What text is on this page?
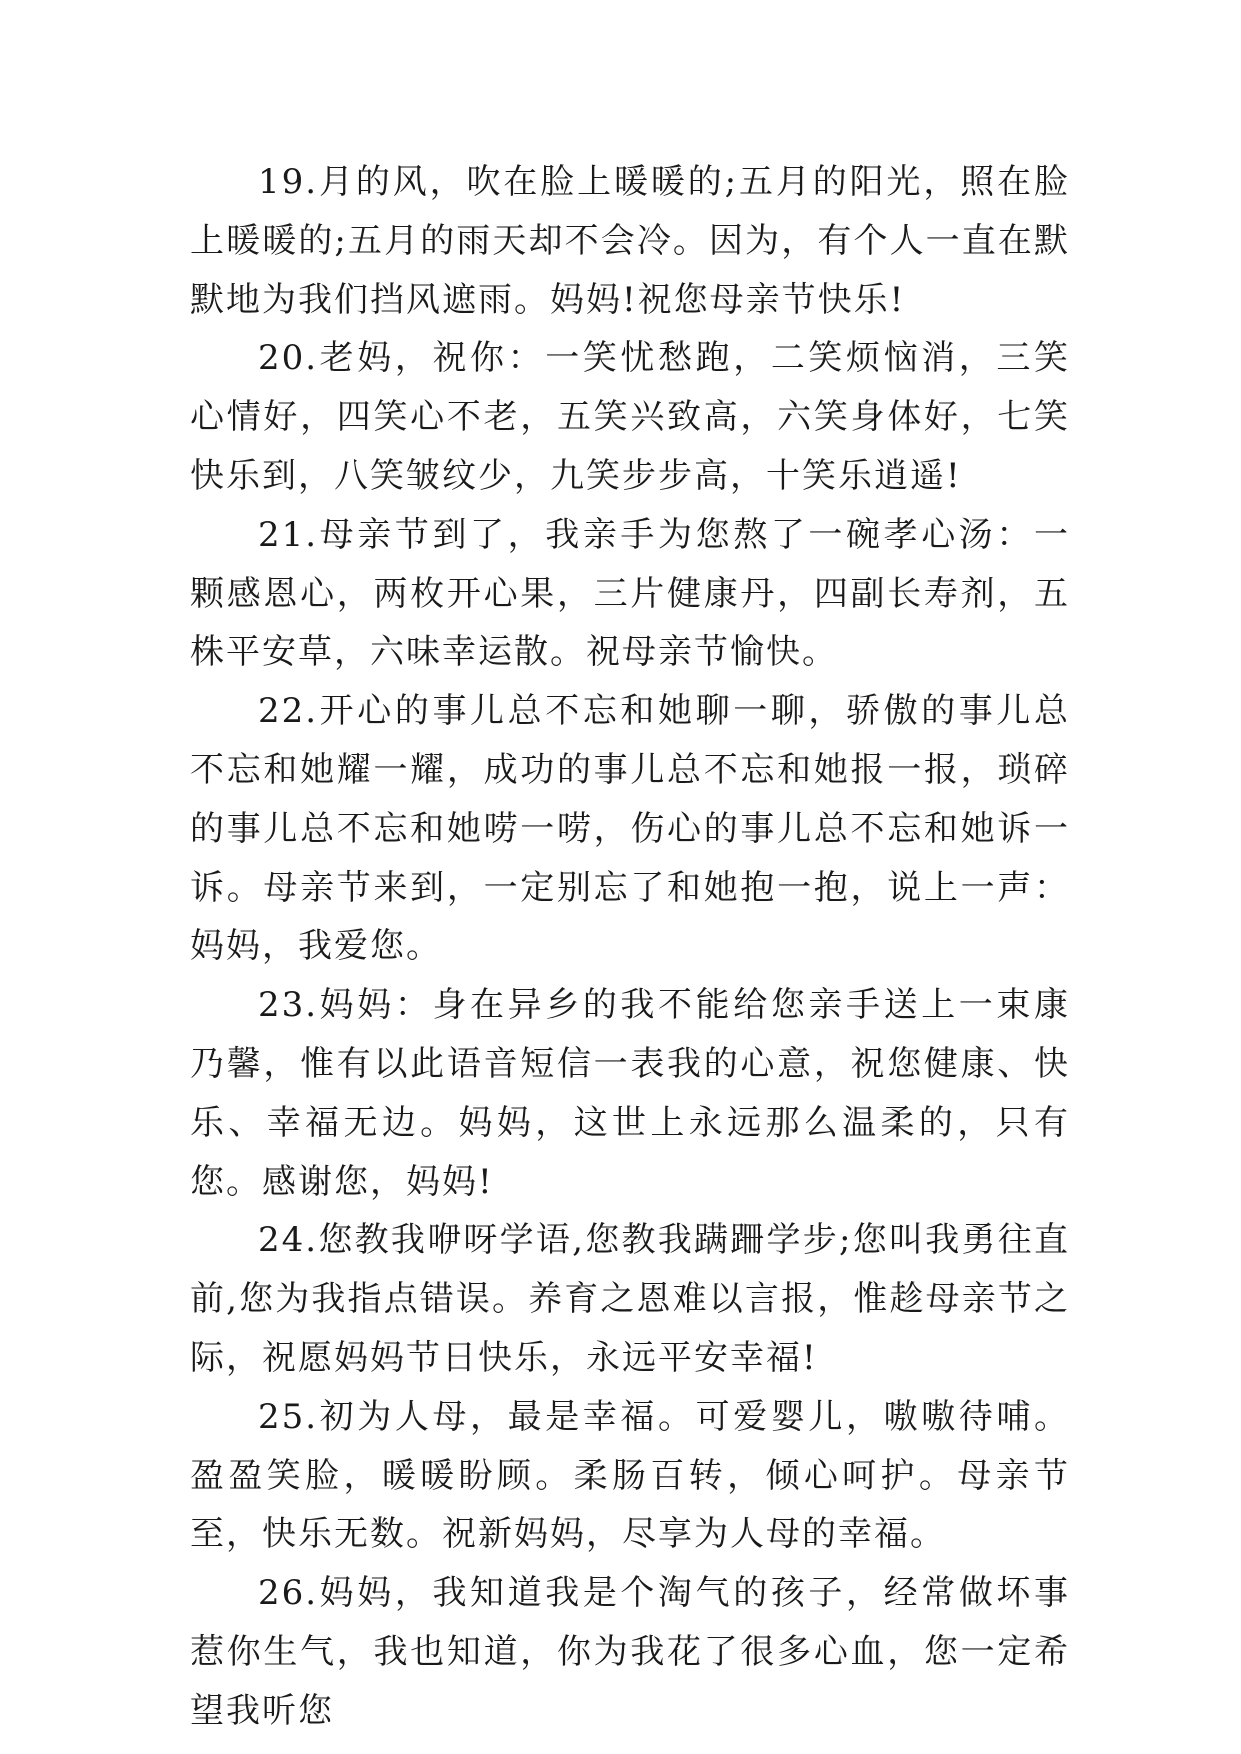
19.月的风，吹在脸上暖暖的;五月的阳光，照在脸上暖暖的;五月的雨天却不会冷。因为，有个人一直在默默地为我们挡风遮雨。妈妈!祝您母亲节快乐!

20.老妈，祝你：一笑忧愁跑，二笑烦恼消，三笑心情好，四笑心不老，五笑兴致高，六笑身体好，七笑快乐到，八笑皱纹少，九笑步步高，十笑乐逍遥!

21.母亲节到了，我亲手为您熬了一碗孝心汤：一颗感恩心，两枚开心果，三片健康丹，四副长寿剂，五株平安草，六味幸运散。祝母亲节愉快。

22.开心的事儿总不忘和她聊一聊，骄傲的事儿总不忘和她耀一耀，成功的事儿总不忘和她报一报，琐碎的事儿总不忘和她唠一唠，伤心的事儿总不忘和她诉一诉。母亲节来到，一定别忘了和她抱一抱，说上一声：妈妈，我爱您。

23.妈妈：身在异乡的我不能给您亲手送上一束康乃馨，惟有以此语音短信一表我的心意，祝您健康、快乐、幸福无边。妈妈，这世上永远那么温柔的，只有您。感谢您，妈妈!

24.您教我咿呀学语,您教我蹒跚学步;您叫我勇往直前,您为我指点错误。养育之恩难以言报，惟趁母亲节之际，祝愿妈妈节日快乐，永远平安幸福!

25.初为人母，最是幸福。可爱婴儿，嗷嗷待哺。盈盈笑脸，暖暖盼顾。柔肠百转，倾心呵护。母亲节至，快乐无数。祝新妈妈，尽享为人母的幸福。

26.妈妈，我知道我是个淘气的孩子，经常做坏事惹你生气，我也知道，你为我花了很多心血，您一定希望我听您
